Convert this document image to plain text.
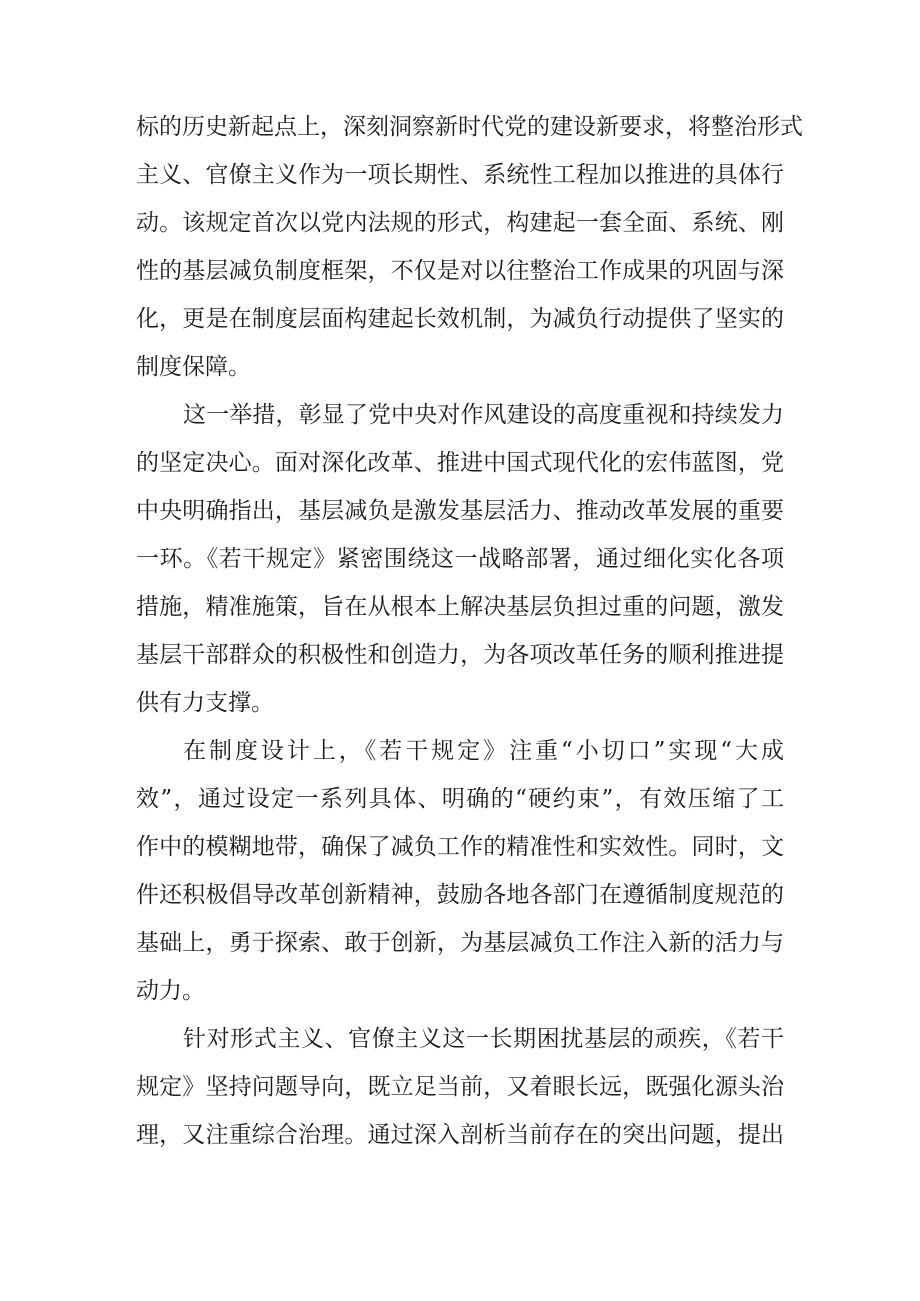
标的历史新起点上，深刻洞察新时代党的建设新要求，将整治形式
主义、官僚主义作为一项长期性、系统性工程加以推进的具体行
动。该规定首次以党内法规的形式，构建起一套全面、系统、刚
性的基层减负制度框架，不仅是对以往整治工作成果的巩固与深
化，更是在制度层面构建起长效机制，为减负行动提供了坚实的
制度保障。
这一举措，彰显了党中央对作风建设的高度重视和持续发力
的坚定决心。面对深化改革、推进中国式现代化的宏伟蓝图，党
中央明确指出，基层减负是激发基层活力、推动改革发展的重要
一环。《若干规定》紧密围绕这一战略部署，通过细化实化各项
措施，精准施策，旨在从根本上解决基层负担过重的问题，激发
基层干部群众的积极性和创造力，为各项改革任务的顺利推进提
供有力支撑。
在制度设计上，《若干规定》注重“小切口”实现“大成
效”，通过设定一系列具体、明确的“硬约束”，有效压缩了工
作中的模糊地带，确保了减负工作的精准性和实效性。同时，文
件还积极倡导改革创新精神，鼓励各地各部门在遵循制度规范的
基础上，勇于探索、敢于创新，为基层减负工作注入新的活力与
动力。
针对形式主义、官僚主义这一长期困扰基层的顽疾，《若干
规定》坚持问题导向，既立足当前，又着眼长远，既强化源头治
理，又注重综合治理。通过深入剖析当前存在的突出问题，提出
